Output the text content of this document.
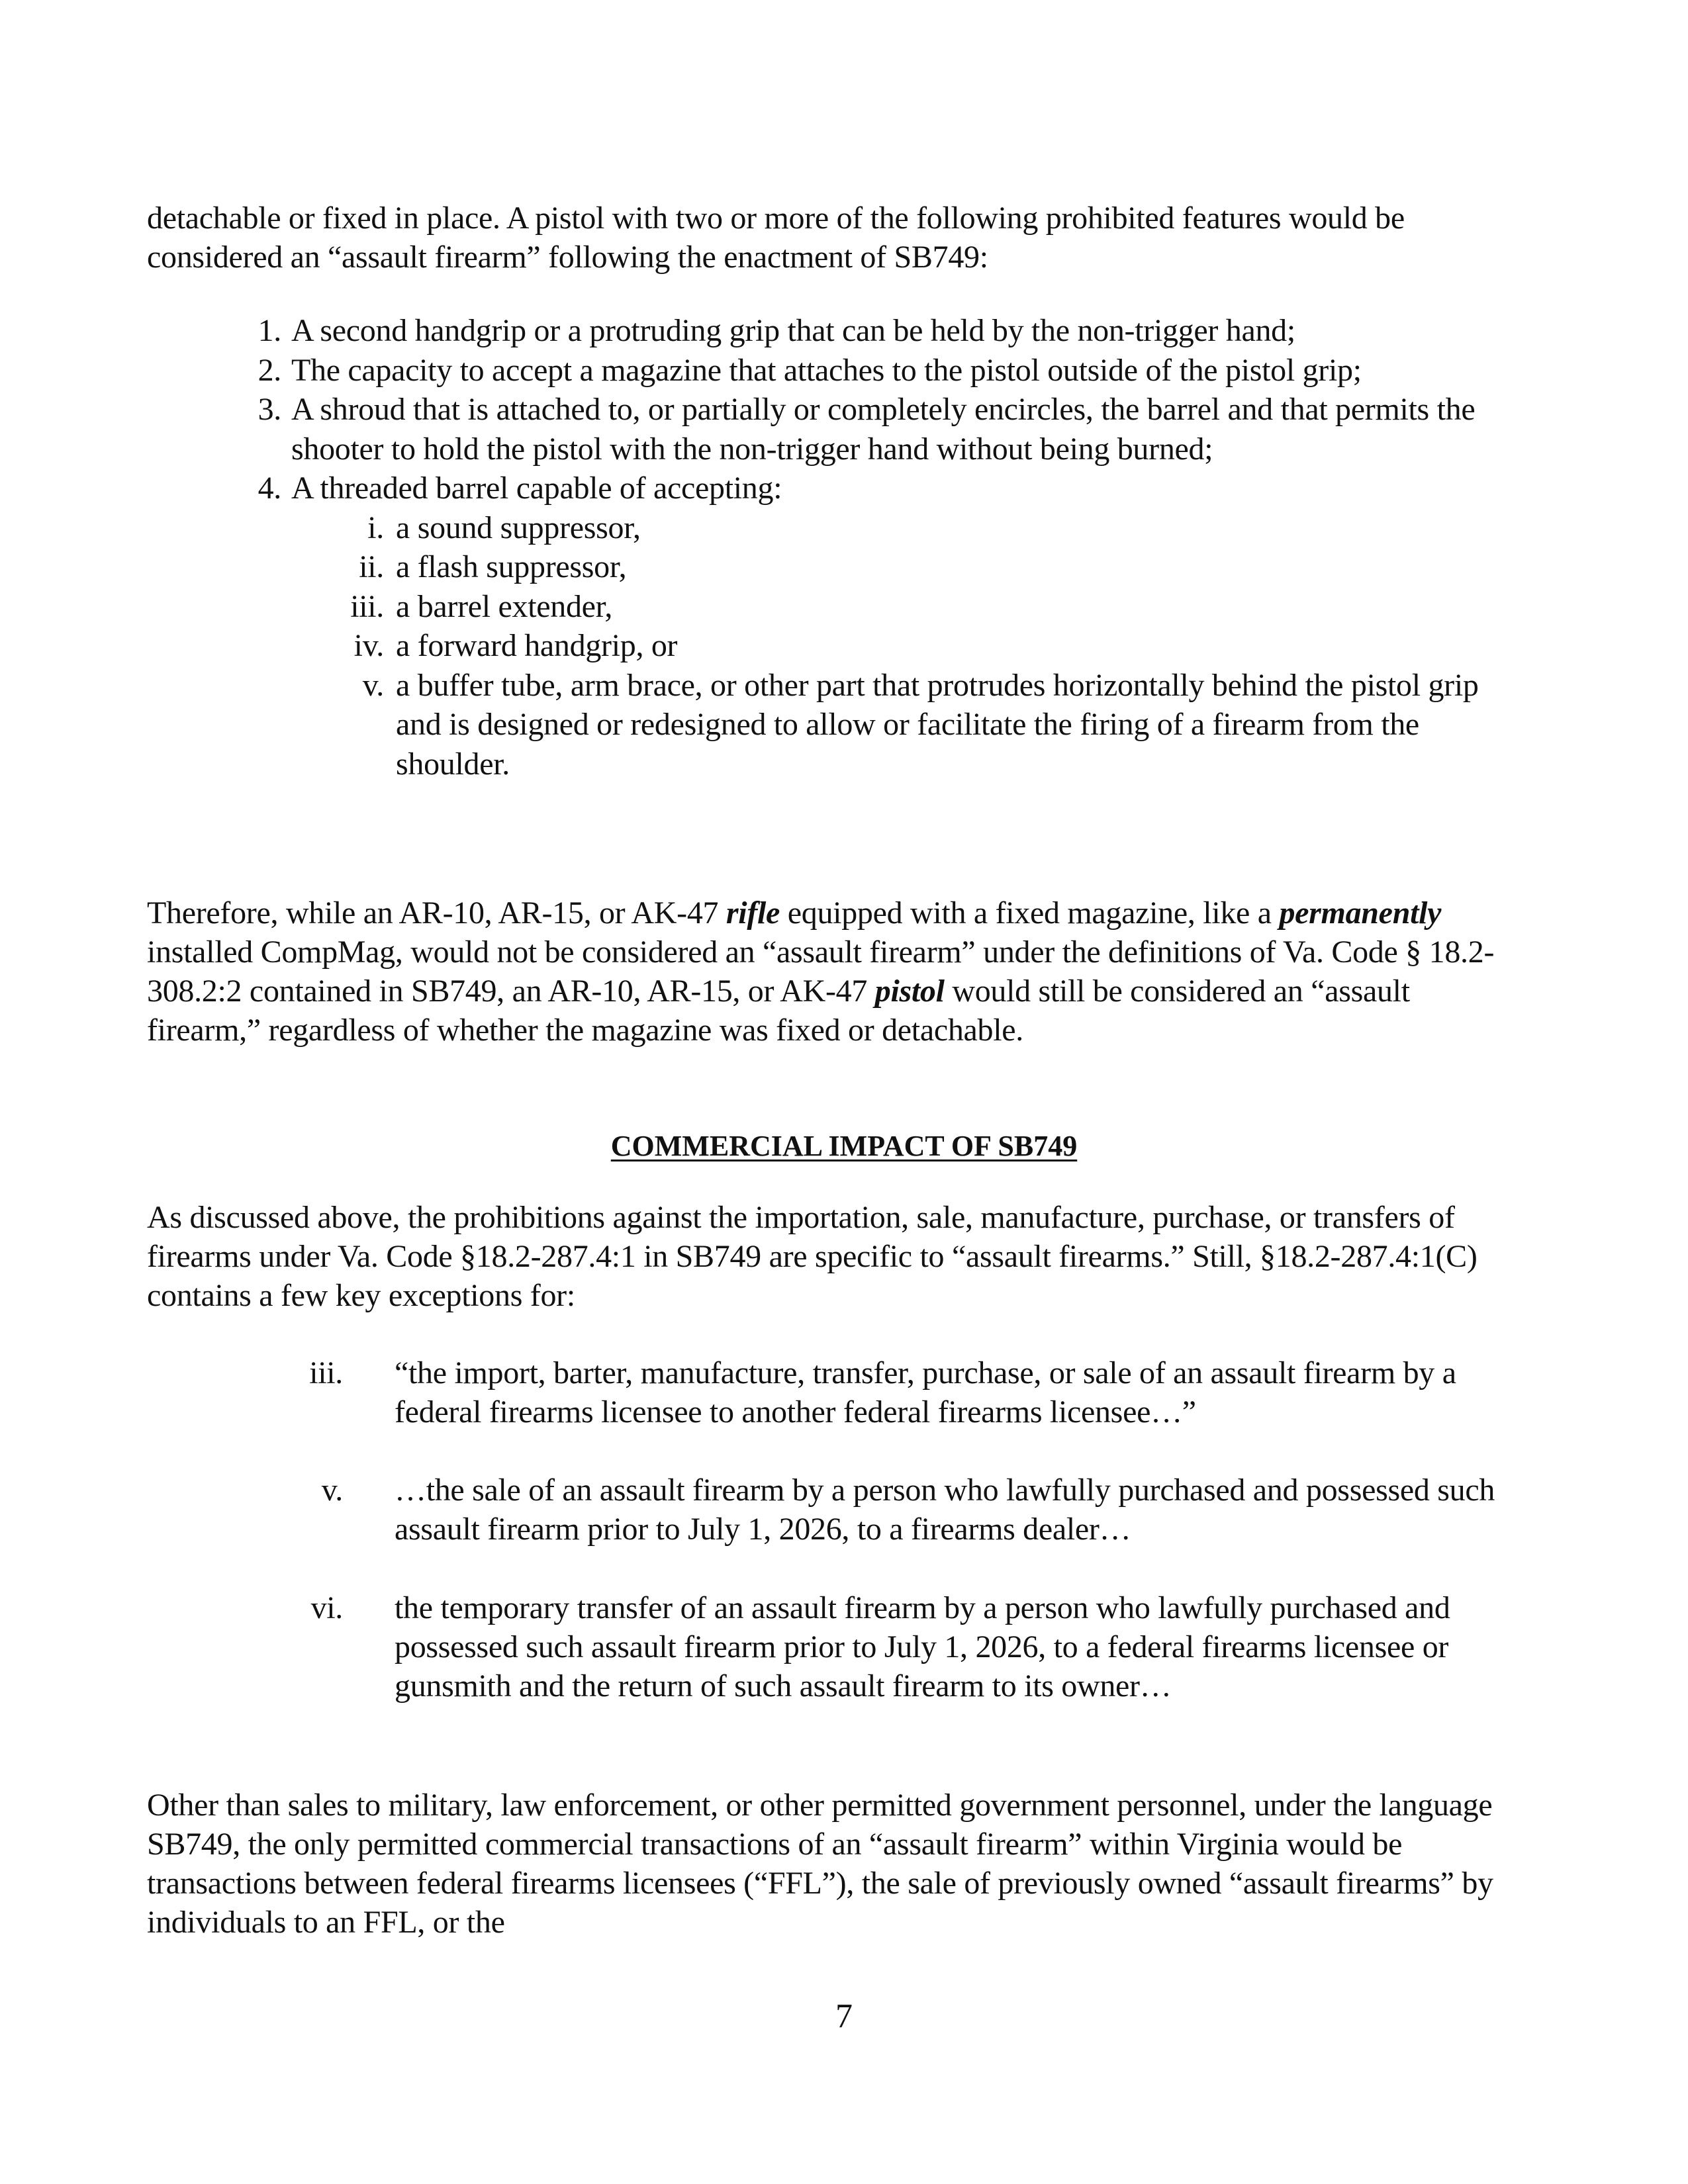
detachable or fixed in place. A pistol with two or more of the following prohibited features would be considered an “assault firearm” following the enactment of SB749:

1. A second handgrip or a protruding grip that can be held by the non-trigger hand;
2. The capacity to accept a magazine that attaches to the pistol outside of the pistol grip;
3. A shroud that is attached to, or partially or completely encircles, the barrel and that permits the shooter to hold the pistol with the non-trigger hand without being burned;
4. A threaded barrel capable of accepting:
i. a sound suppressor,
ii. a flash suppressor,
iii. a barrel extender,
iv. a forward handgrip, or
v. a buffer tube, arm brace, or other part that protrudes horizontally behind the pistol grip and is designed or redesigned to allow or facilitate the firing of a firearm from the shoulder.

Therefore, while an AR-10, AR-15, or AK-47 rifle equipped with a fixed magazine, like a permanently installed CompMag, would not be considered an “assault firearm” under the definitions of Va. Code § 18.2-308.2:2 contained in SB749, an AR-10, AR-15, or AK-47 pistol would still be considered an “assault firearm,” regardless of whether the magazine was fixed or detachable.

COMMERCIAL IMPACT OF SB749

As discussed above, the prohibitions against the importation, sale, manufacture, purchase, or transfers of firearms under Va. Code §18.2-287.4:1 in SB749 are specific to “assault firearms.” Still, §18.2-287.4:1(C) contains a few key exceptions for:

iii. “the import, barter, manufacture, transfer, purchase, or sale of an assault firearm by a federal firearms licensee to another federal firearms licensee…”
v. …the sale of an assault firearm by a person who lawfully purchased and possessed such assault firearm prior to July 1, 2026, to a firearms dealer…
vi. the temporary transfer of an assault firearm by a person who lawfully purchased and possessed such assault firearm prior to July 1, 2026, to a federal firearms licensee or gunsmith and the return of such assault firearm to its owner…

Other than sales to military, law enforcement, or other permitted government personnel, under the language SB749, the only permitted commercial transactions of an “assault firearm” within Virginia would be transactions between federal firearms licensees (“FFL”), the sale of previously owned “assault firearms” by individuals to an FFL, or the

7
